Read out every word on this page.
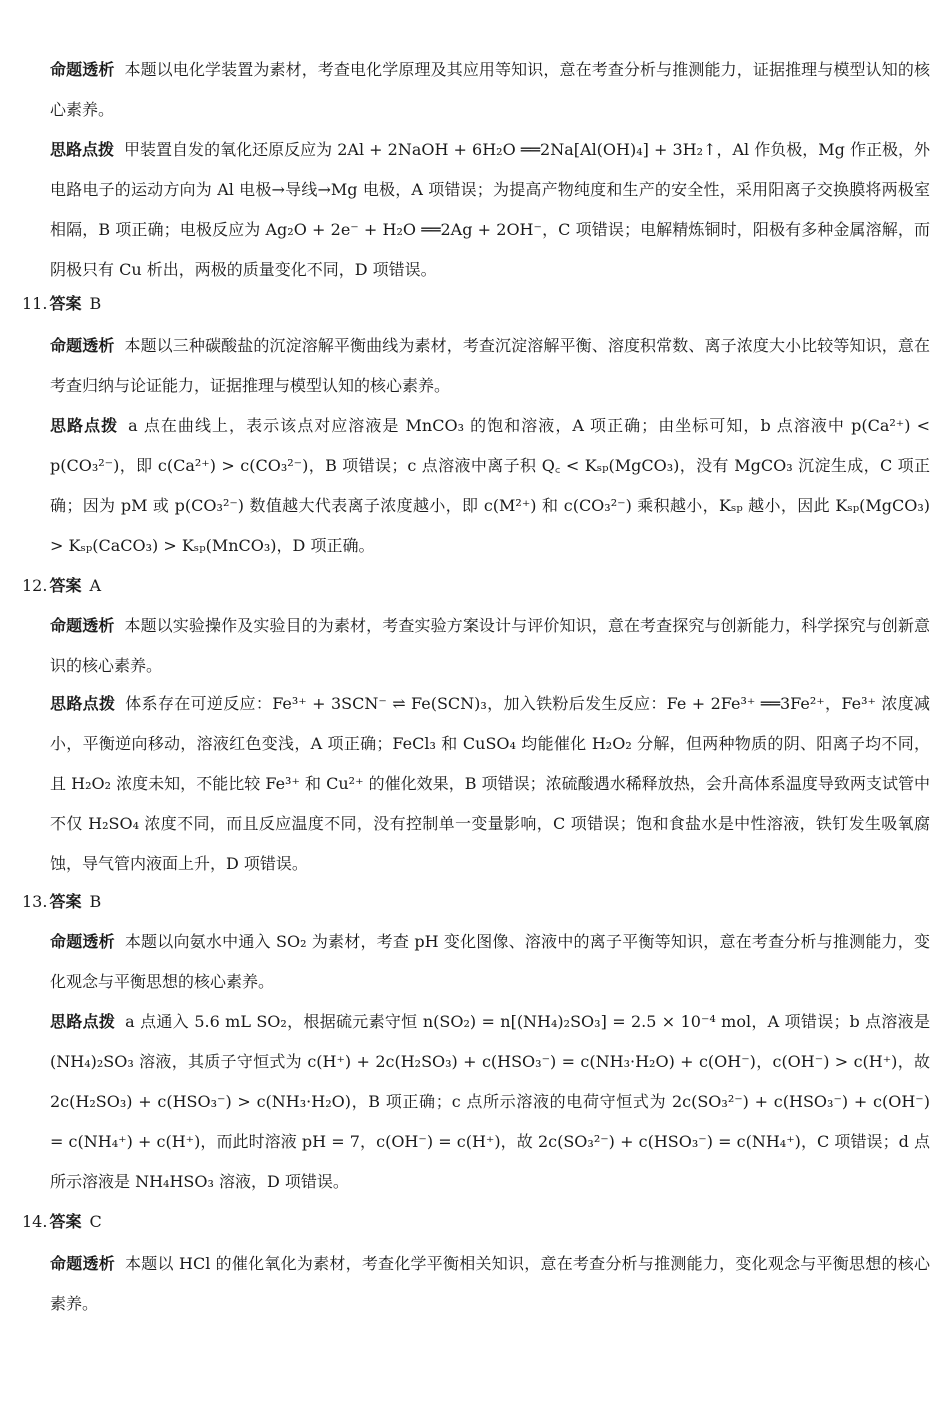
命题透析 本题以电化学装置为素材，考查电化学原理及其应用等知识，意在考查分析与推测能力，证据推理与模型认知的核心素养。

思路点拨 甲装置自发的氧化还原反应为 2Al + 2NaOH + 6H₂O ══2Na[Al(OH)₄] + 3H₂↑，Al 作负极，Mg 作正极，外电路电子的运动方向为 Al 电极→导线→Mg 电极，A 项错误；为提高产物纯度和生产的安全性，采用阳离子交换膜将两极室相隔，B 项正确；电极反应为 Ag₂O + 2e⁻ + H₂O ══2Ag + 2OH⁻，C 项错误；电解精炼铜时，阳极有多种金属溶解，而阴极只有 Cu 析出，两极的质量变化不同，D 项错误。

11. 答案 B

命题透析 本题以三种碳酸盐的沉淀溶解平衡曲线为素材，考查沉淀溶解平衡、溶度积常数、离子浓度大小比较等知识，意在考查归纳与论证能力，证据推理与模型认知的核心素养。

思路点拨 a 点在曲线上，表示该点对应溶液是 MnCO₃ 的饱和溶液，A 项正确；由坐标可知，b 点溶液中 p(Ca²⁺) < p(CO₃²⁻)，即 c(Ca²⁺) > c(CO₃²⁻)，B 项错误；c 点溶液中离子积 Q꜀ < Kₛₚ(MgCO₃)，没有 MgCO₃ 沉淀生成，C 项正确；因为 pM 或 p(CO₃²⁻) 数值越大代表离子浓度越小，即 c(M²⁺) 和 c(CO₃²⁻) 乘积越小，Kₛₚ 越小，因此 Kₛₚ(MgCO₃) > Kₛₚ(CaCO₃) > Kₛₚ(MnCO₃)，D 项正确。

12. 答案 A

命题透析 本题以实验操作及实验目的为素材，考查实验方案设计与评价知识，意在考查探究与创新能力，科学探究与创新意识的核心素养。

思路点拨 体系存在可逆反应：Fe³⁺ + 3SCN⁻ ⇌ Fe(SCN)₃，加入铁粉后发生反应：Fe + 2Fe³⁺ ══3Fe²⁺，Fe³⁺ 浓度减小，平衡逆向移动，溶液红色变浅，A 项正确；FeCl₃ 和 CuSO₄ 均能催化 H₂O₂ 分解，但两种物质的阴、阳离子均不同，且 H₂O₂ 浓度未知，不能比较 Fe³⁺ 和 Cu²⁺ 的催化效果，B 项错误；浓硫酸遇水稀释放热，会升高体系温度导致两支试管中不仅 H₂SO₄ 浓度不同，而且反应温度不同，没有控制单一变量影响，C 项错误；饱和食盐水是中性溶液，铁钉发生吸氧腐蚀，导气管内液面上升，D 项错误。

13. 答案 B

命题透析 本题以向氨水中通入 SO₂ 为素材，考查 pH 变化图像、溶液中的离子平衡等知识，意在考查分析与推测能力，变化观念与平衡思想的核心素养。

思路点拨 a 点通入 5.6 mL SO₂，根据硫元素守恒 n(SO₂) = n[(NH₄)₂SO₃] = 2.5 × 10⁻⁴ mol，A 项错误；b 点溶液是 (NH₄)₂SO₃ 溶液，其质子守恒式为 c(H⁺) + 2c(H₂SO₃) + c(HSO₃⁻) = c(NH₃·H₂O) + c(OH⁻)，c(OH⁻) > c(H⁺)，故 2c(H₂SO₃) + c(HSO₃⁻) > c(NH₃·H₂O)，B 项正确；c 点所示溶液的电荷守恒式为 2c(SO₃²⁻) + c(HSO₃⁻) + c(OH⁻) = c(NH₄⁺) + c(H⁺)，而此时溶液 pH = 7，c(OH⁻) = c(H⁺)，故 2c(SO₃²⁻) + c(HSO₃⁻) = c(NH₄⁺)，C 项错误；d 点所示溶液是 NH₄HSO₃ 溶液，D 项错误。

14. 答案 C

命题透析 本题以 HCl 的催化氧化为素材，考查化学平衡相关知识，意在考查分析与推测能力，变化观念与平衡思想的核心素养。
